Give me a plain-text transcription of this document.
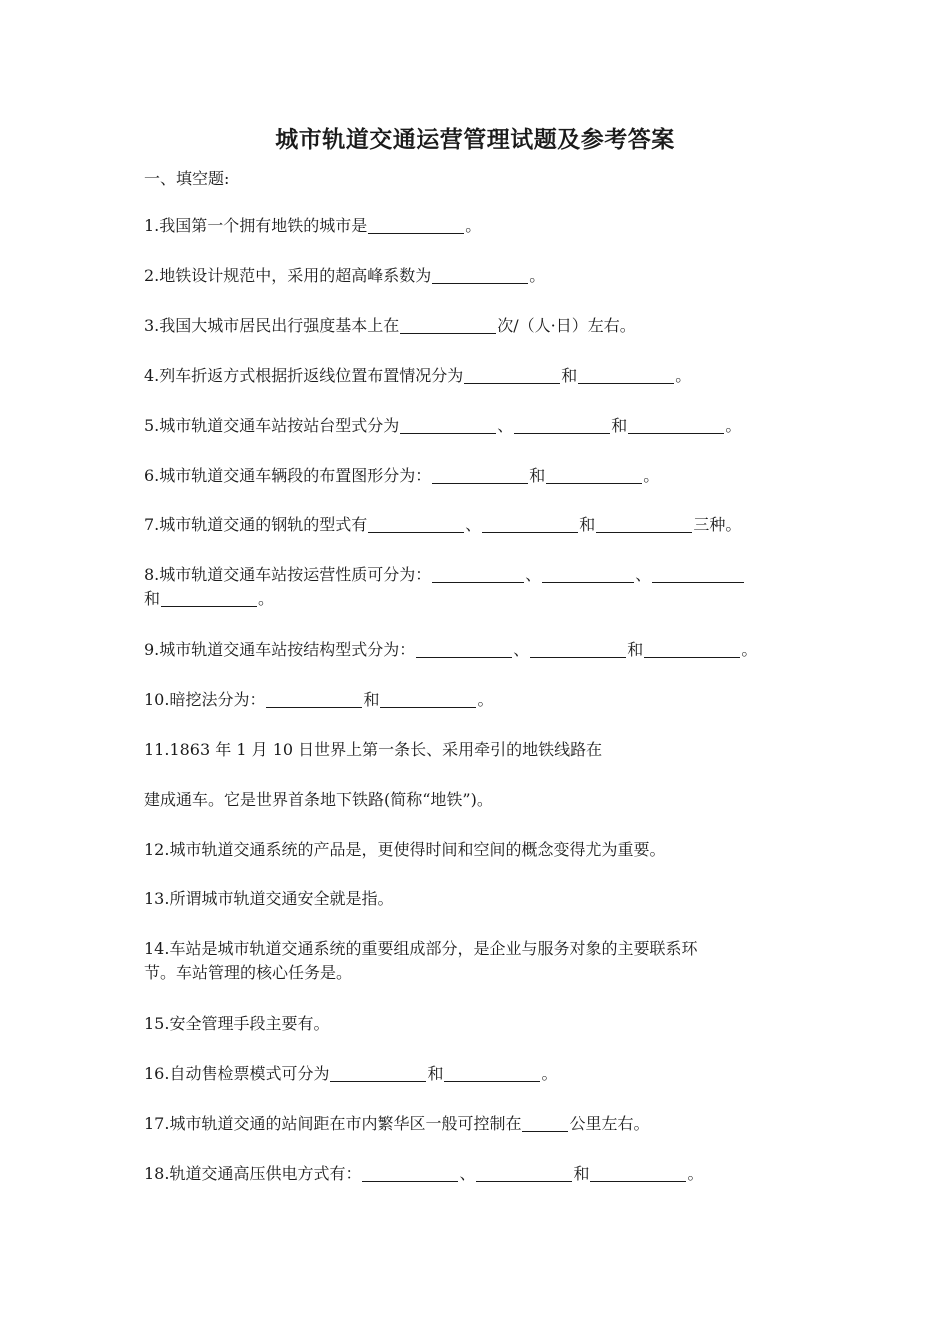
城市轨道交通运营管理试题及参考答案
一、填空题:
1.我国第一个拥有地铁的城市是	。
2.地铁设计规范中，采用的超高峰系数为	。
3.我国大城市居民出行强度基本上在	次/（人·日）左右。
4.列车折返方式根据折返线位置布置情况分为	和	。
5.城市轨道交通车站按站台型式分为	、	和	。
6.城市轨道交通车辆段的布置图形分为：	和	。
7.城市轨道交通的钢轨的型式有	、	和	三种。
8.城市轨道交通车站按运营性质可分为：	、	、
和	。
9.城市轨道交通车站按结构型式分为：	、	和	。
10.暗挖法分为：	和	。
11.1863 年 1 月 10 日世界上第一条长、采用牵引的地铁线路在
建成通车。它是世界首条地下铁路(简称“地铁”)。
12.城市轨道交通系统的产品是，更使得时间和空间的概念变得尤为重要。
13.所谓城市轨道交通安全就是指。
14.车站是城市轨道交通系统的重要组成部分，是企业与服务对象的主要联系环
节。车站管理的核心任务是。
15.安全管理手段主要有。
16.自动售检票模式可分为	和	。
17.城市轨道交通的站间距在市内繁华区一般可控制在	公里左右。
18.轨道交通高压供电方式有：	、	和	。
